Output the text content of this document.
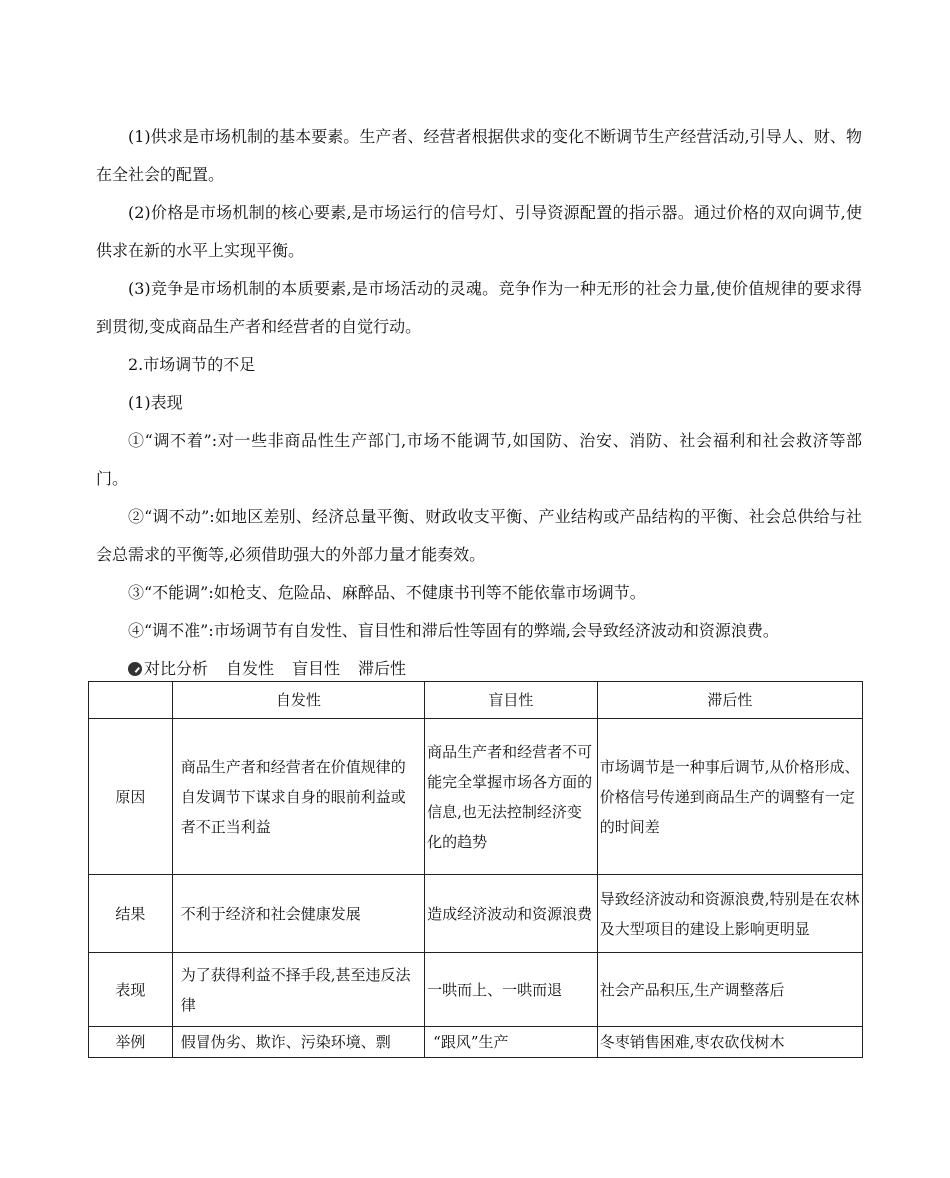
(1)供求是市场机制的基本要素。生产者、经营者根据供求的变化不断调节生产经营活动,引导人、财、物在全社会的配置。

(2)价格是市场机制的核心要素,是市场运行的信号灯、引导资源配置的指示器。通过价格的双向调节,使供求在新的水平上实现平衡。

(3)竞争是市场机制的本质要素,是市场活动的灵魂。竞争作为一种无形的社会力量,使价值规律的要求得到贯彻,变成商品生产者和经营者的自觉行动。

2.市场调节的不足

(1)表现

①“调不着”:对一些非商品性生产部门,市场不能调节,如国防、治安、消防、社会福利和社会救济等部门。

②“调不动”:如地区差别、经济总量平衡、财政收支平衡、产业结构或产品结构的平衡、社会总供给与社会总需求的平衡等,必须借助强大的外部力量才能奏效。

③“不能调”:如枪支、危险品、麻醉品、不健康书刊等不能依靠市场调节。

④“调不准”:市场调节有自发性、盲目性和滞后性等固有的弊端,会导致经济波动和资源浪费。

对比分析 自发性 盲目性 滞后性
	自发性	盲目性	滞后性
原因	商品生产者和经营者在价值规律的自发调节下谋求自身的眼前利益或者不正当利益	商品生产者和经营者不可能完全掌握市场各方面的信息,也无法控制经济变化的趋势	市场调节是一种事后调节,从价格形成、价格信号传递到商品生产的调整有一定的时间差
结果	不利于经济和社会健康发展	造成经济波动和资源浪费	导致经济波动和资源浪费,特别是在农林及大型项目的建设上影响更明显
表现	为了获得利益不择手段,甚至违反法律	一哄而上、一哄而退	社会产品积压,生产调整落后
举例	假冒伪劣、欺诈、污染环境、剽	“跟风”生产	冬枣销售困难,枣农砍伐树木
